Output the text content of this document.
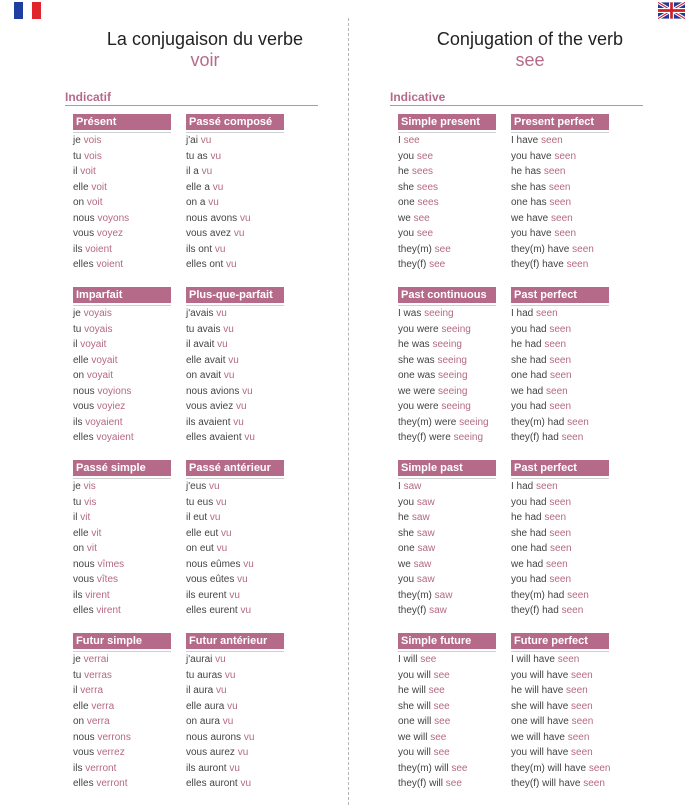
La conjugaison du verbe
voir
Indicatif
Présent
je vois
tu vois
il voit
elle voit
on voit
nous voyons
vous voyez
ils voient
elles voient
Passé composé
j'ai vu
tu as vu
il a vu
elle a vu
on a vu
nous avons vu
vous avez vu
ils ont vu
elles ont vu
Imparfait
je voyais
tu voyais
il voyait
elle voyait
on voyait
nous voyions
vous voyiez
ils voyaient
elles voyaient
Plus-que-parfait
j'avais vu
tu avais vu
il avait vu
elle avait vu
on avait vu
nous avions vu
vous aviez vu
ils avaient vu
elles avaient vu
Passé simple
je vis
tu vis
il vit
elle vit
on vit
nous vîmes
vous vîtes
ils virent
elles virent
Passé antérieur
j'eus vu
tu eus vu
il eut vu
elle eut vu
on eut vu
nous eûmes vu
vous eûtes vu
ils eurent vu
elles eurent vu
Futur simple
je verrai
tu verras
il verra
elle verra
on verra
nous verrons
vous verrez
ils verront
elles verront
Futur antérieur
j'aurai vu
tu auras vu
il aura vu
elle aura vu
on aura vu
nous aurons vu
vous aurez vu
ils auront vu
elles auront vu
Conjugation of the verb
see
Indicative
Simple present
I see
you see
he sees
she sees
one sees
we see
you see
they(m) see
they(f) see
Present perfect
I have seen
you have seen
he has seen
she has seen
one has seen
we have seen
you have seen
they(m) have seen
they(f) have seen
Past continuous
I was seeing
you were seeing
he was seeing
she was seeing
one was seeing
we were seeing
you were seeing
they(m) were seeing
they(f) were seeing
Past perfect
I had seen
you had seen
he had seen
she had seen
one had seen
we had seen
you had seen
they(m) had seen
they(f) had seen
Simple past
I saw
you saw
he saw
she saw
one saw
we saw
you saw
they(m) saw
they(f) saw
Past perfect
I had seen
you had seen
he had seen
she had seen
one had seen
we had seen
you had seen
they(m) had seen
they(f) had seen
Simple future
I will see
you will see
he will see
she will see
one will see
we will see
you will see
they(m) will see
they(f) will see
Future perfect
I will have seen
you will have seen
he will have seen
she will have seen
one will have seen
we will have seen
you will have seen
they(m) will have seen
they(f) will have seen
